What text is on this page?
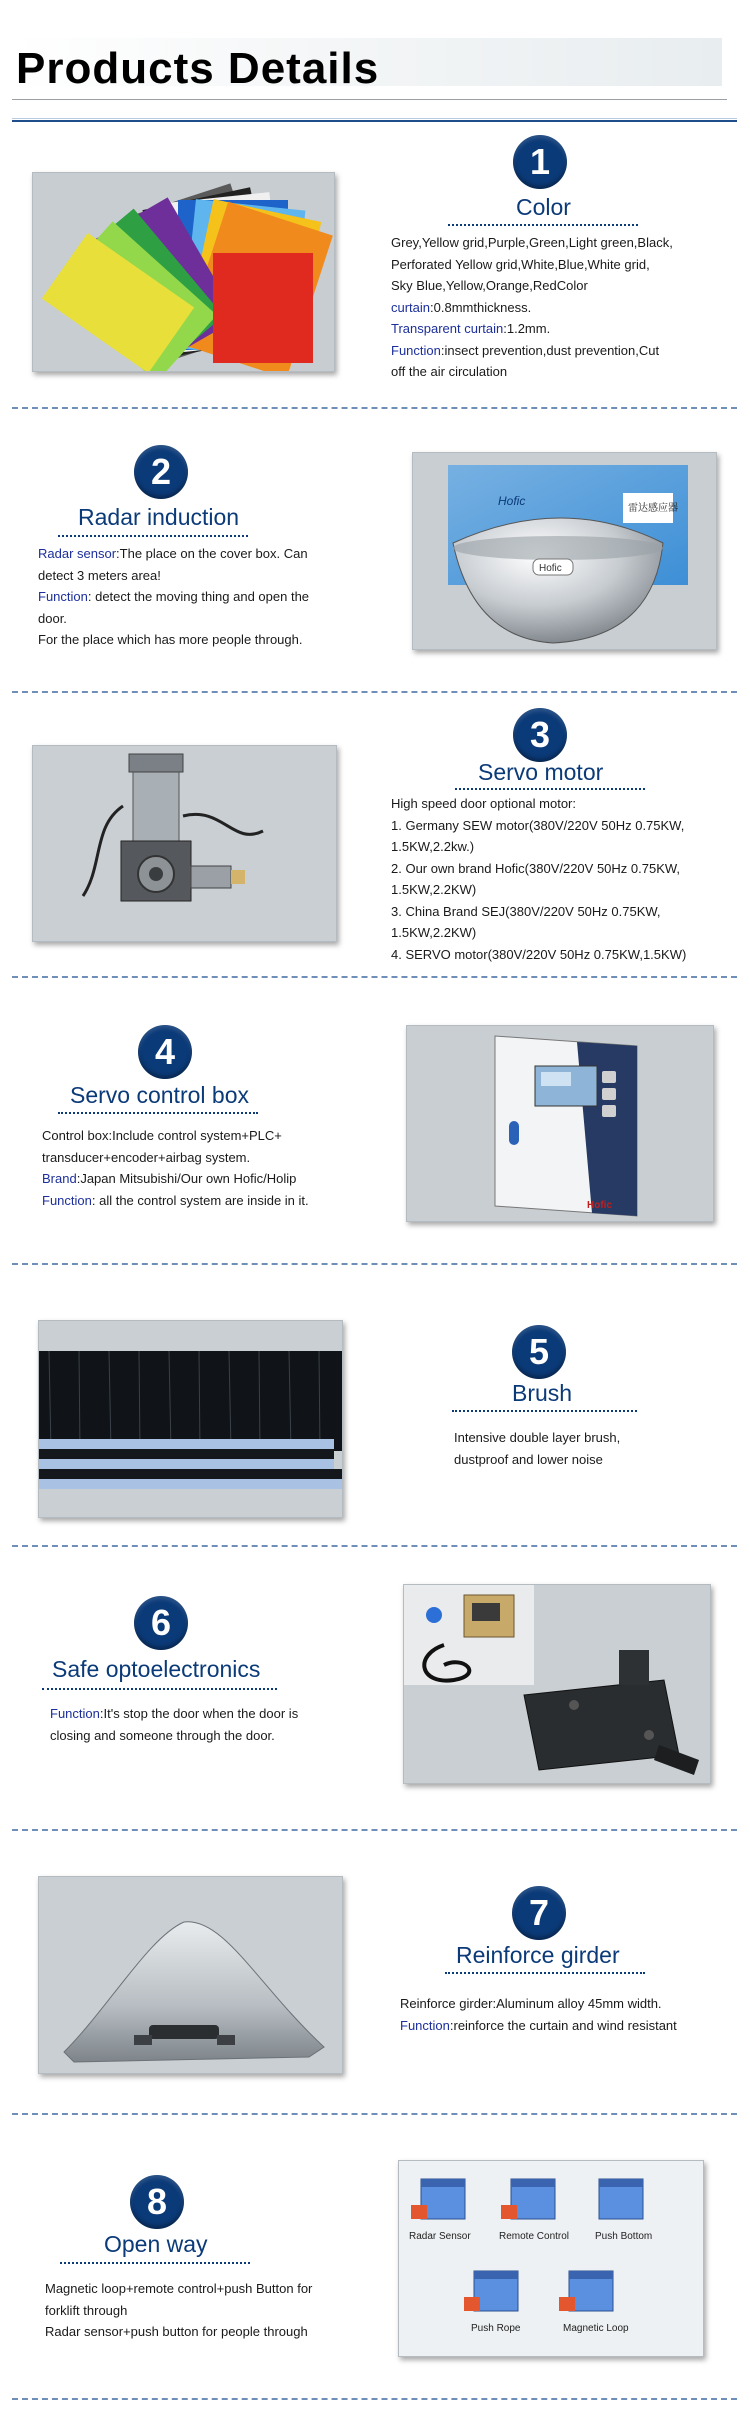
Products Details
1
Color
Grey,Yellow grid,Purple,Green,Light green,Black,
Perforated Yellow grid,White,Blue,White grid,
Sky Blue,Yellow,Orange,RedColor
curtain:0.8mmthickness.
Transparent curtain:1.2mm.
Function:insect prevention,dust prevention,Cut
off the air circulation
2
Radar induction
Radar sensor:The place on the cover box. Can
detect 3 meters area!
Function: detect the moving thing and open the
door.
For the place which has more people through.
雷达感应器
Hofic
Hofic
3
Servo motor
High speed door optional motor:
1. Germany SEW motor(380V/220V 50Hz 0.75KW,
1.5KW,2.2kw.)
2. Our own brand Hofic(380V/220V 50Hz 0.75KW,
1.5KW,2.2KW)
3. China Brand SEJ(380V/220V 50Hz 0.75KW,
1.5KW,2.2KW)
4. SERVO motor(380V/220V 50Hz 0.75KW,1.5KW)
4
Servo control box
Control box:Include control system+PLC+
transducer+encoder+airbag system.
Brand:Japan Mitsubishi/Our own Hofic/Holip
Function: all the control system are inside in it.	Hofic
5
Brush
Intensive double layer brush,
dustproof and lower noise
6
Safe optoelectronics
Function:It's stop the door when the door is
closing and someone through the door.
7
Reinforce girder
Reinforce girder:Aluminum alloy 45mm width.
Function:reinforce the curtain and wind resistant
8
Open way
Magnetic loop+remote control+push Button for
forklift through
Radar sensor+push button for people through
Radar Sensor	Remote Control	Push Bottom
Push Rope	Magnetic Loop
